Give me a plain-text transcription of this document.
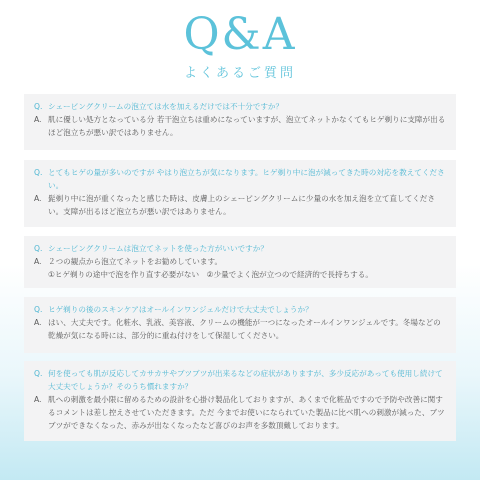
Q&A
よくあるご質問
Q. シェービングクリームの泡立ては水を加えるだけでは不十分ですか？
A. 肌に優しい処方となっている分 若干泡立ちは重めになっていますが、泡立てネットかなくてもヒゲ剃りに支障が出るほど泡立ちが悪い訳ではありません。
Q. とてもヒゲの量が多いのですが やはり泡立ちが気になります。ヒゲ剃り中に泡が減ってきた時の対応を教えてください。
A. 髭剃り中に泡が重くなったと感じた時は、皮膚上のシェービングクリームに少量の水を加え泡を立て直してください。支障が出るほど泡立ちが悪い訳ではありません。
Q. シェービングクリームは泡立てネットを使った方がいいですか？
A. ２つの観点から泡立てネットをお勧めしています。
①ヒゲ剃りの途中で泡を作り直す必要がない　②少量でよく泡が立つので経済的で長持ちする。
Q. ヒゲ剃りの後のスキンケアはオールインワンジェルだけで大丈夫でしょうか？
A. はい、大丈夫です。化粧水、乳液、美容液、クリームの機能が一つになったオールインワンジェルです。冬場などの乾燥が気になる時には、部分的に重ね付けをして保湿してください。
Q. 何を使っても肌が反応してカサカサやブツブツが出来るなどの症状がありますが、多少反応があっても使用し続けて大丈夫でしょうか？そのうち慣れますか？
A. 肌への刺激を最小限に留めるための設計を心掛け製品化しておりますが、あくまで化粧品ですので予防や改善に関するコメントは差し控えさせていただきます。ただ 今までお使いになられていた製品に比べ肌への刺激が減った、ブツブツができなくなった、赤みが出なくなったなど喜びのお声を多数頂戴しております。
